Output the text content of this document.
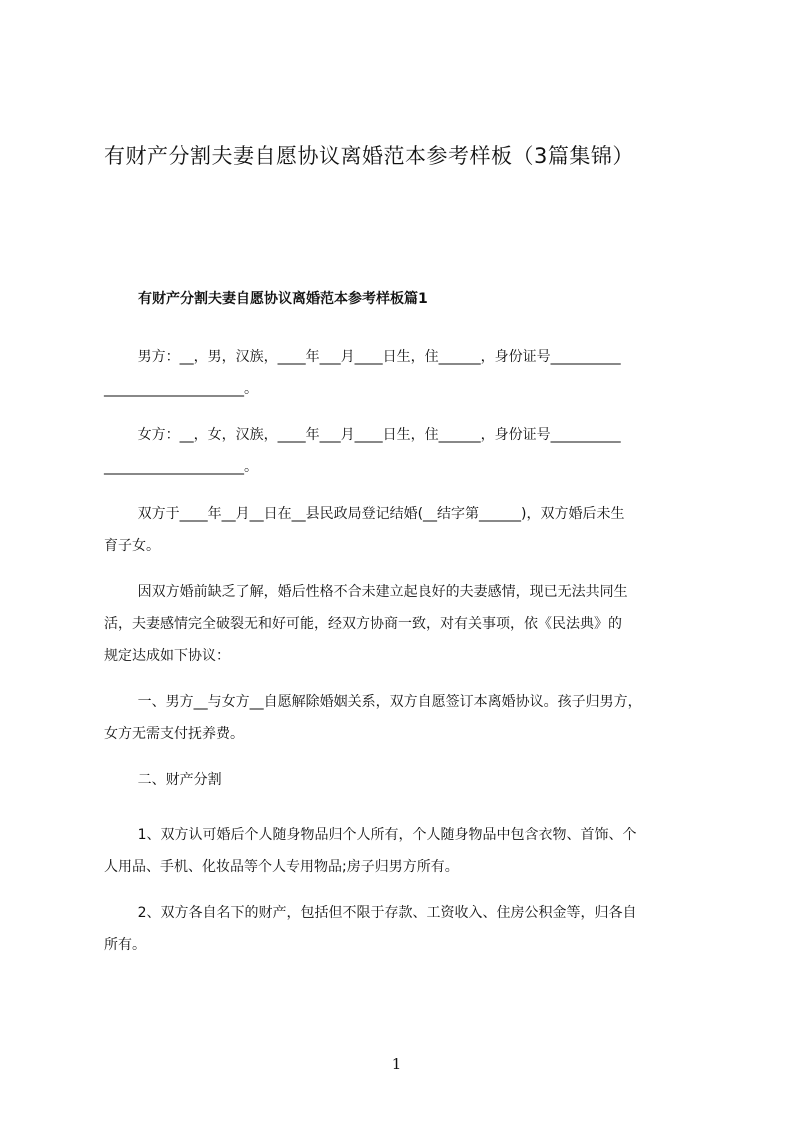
有财产分割夫妻自愿协议离婚范本参考样板（3篇集锦）
有财产分割夫妻自愿协议离婚范本参考样板篇1

男方：__，男，汉族，____年___月____日生，住______，身份证号__________
____________________。

女方：__，女，汉族，____年___月____日生，住______，身份证号__________
____________________。

双方于____年__月__日在__县民政局登记结婚(__结字第______)，双方婚后未生
育子女。

因双方婚前缺乏了解，婚后性格不合未建立起良好的夫妻感情，现已无法共同生
活，夫妻感情完全破裂无和好可能，经双方协商一致，对有关事项，依《民法典》的
规定达成如下协议：

一、男方__与女方__自愿解除婚姻关系，双方自愿签订本离婚协议。孩子归男方，
女方无需支付抚养费。

二、财产分割

1、双方认可婚后个人随身物品归个人所有，个人随身物品中包含衣物、首饰、个
人用品、手机、化妆品等个人专用物品;房子归男方所有。

2、双方各自名下的财产，包括但不限于存款、工资收入、住房公积金等，归各自
所有。

1
